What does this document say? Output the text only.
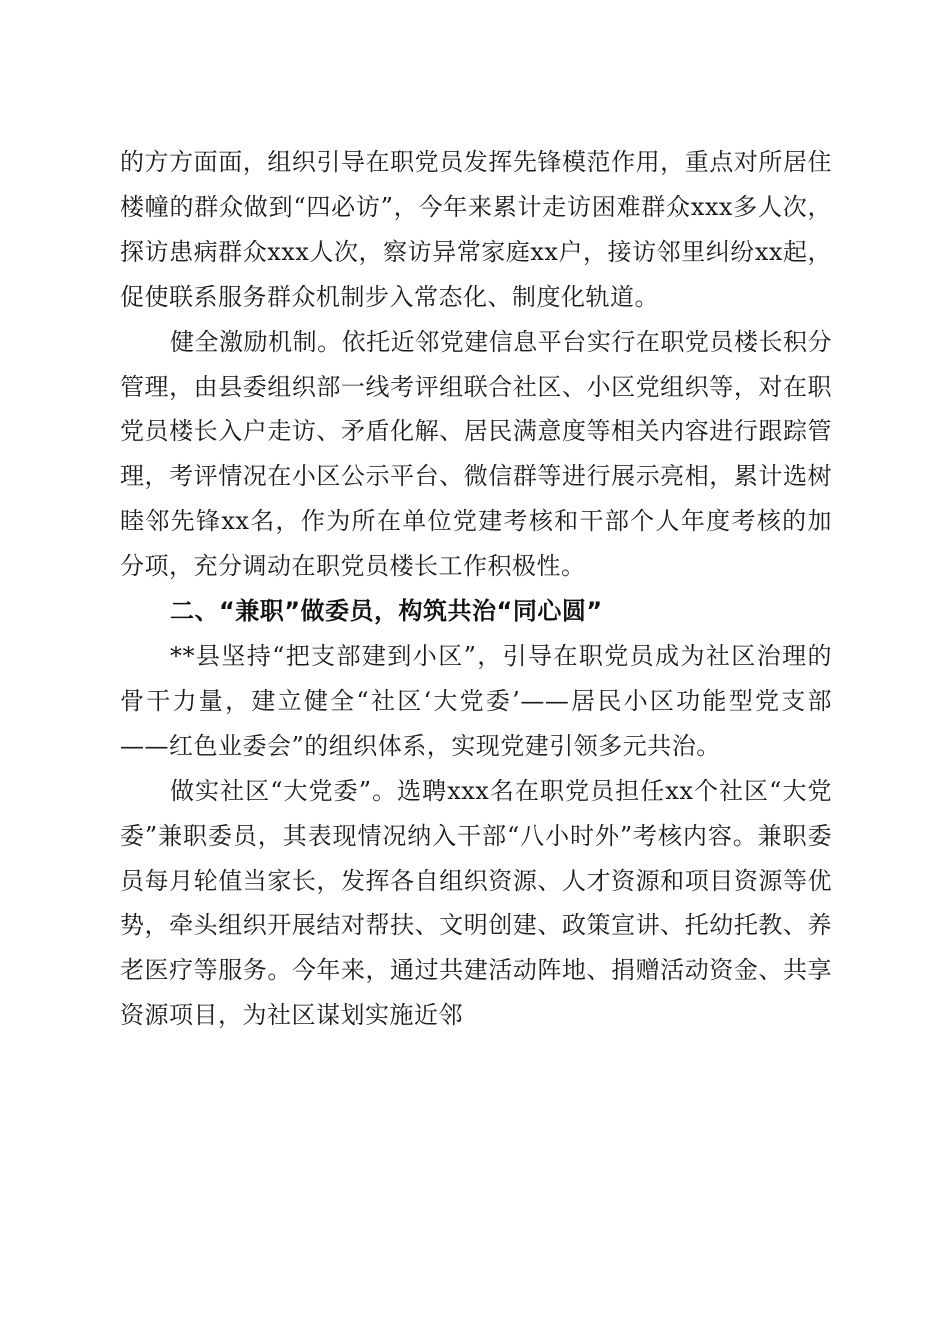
的方方面面，组织引导在职党员发挥先锋模范作用，重点对所居住楼幢的群众做到“四必访”，今年来累计走访困难群众xxx多人次，探访患病群众xxx人次，察访异常家庭xx户，接访邻里纠纷xx起，促使联系服务群众机制步入常态化、制度化轨道。

健全激励机制。依托近邻党建信息平台实行在职党员楼长积分管理，由县委组织部一线考评组联合社区、小区党组织等，对在职党员楼长入户走访、矛盾化解、居民满意度等相关内容进行跟踪管理，考评情况在小区公示平台、微信群等进行展示亮相，累计选树睦邻先锋xx名，作为所在单位党建考核和干部个人年度考核的加分项，充分调动在职党员楼长工作积极性。

二、“兼职”做委员，构筑共治“同心圆”

**县坚持“把支部建到小区”，引导在职党员成为社区治理的骨干力量，建立健全“社区‘大党委’——居民小区功能型党支部——红色业委会”的组织体系，实现党建引领多元共治。

做实社区“大党委”。选聘xxx名在职党员担任xx个社区“大党委”兼职委员，其表现情况纳入干部“八小时外”考核内容。兼职委员每月轮值当家长，发挥各自组织资源、人才资源和项目资源等优势，牵头组织开展结对帮扶、文明创建、政策宣讲、托幼托教、养老医疗等服务。今年来，通过共建活动阵地、捐赠活动资金、共享资源项目，为社区谋划实施近邻
